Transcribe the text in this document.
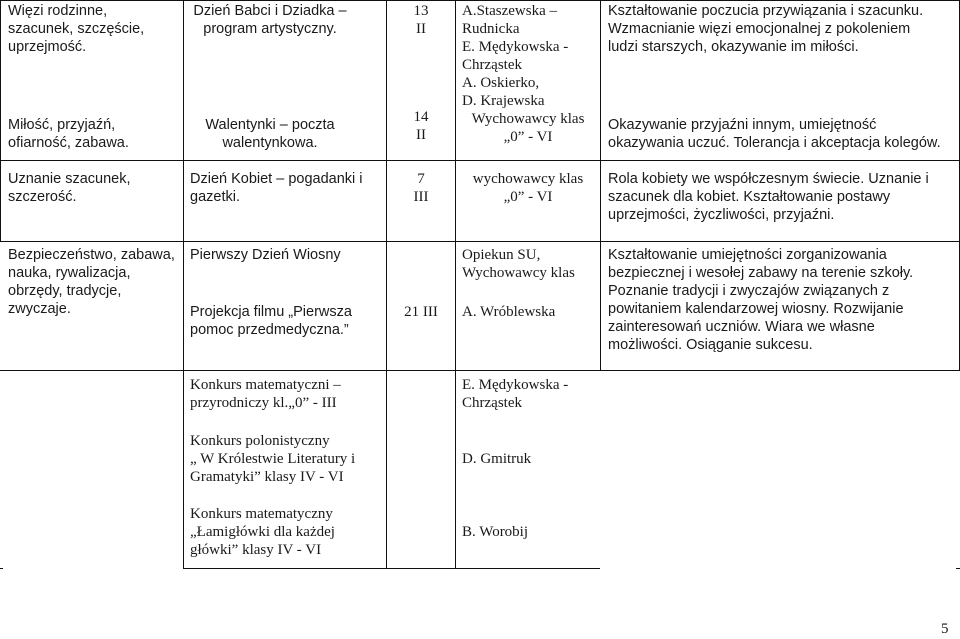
Więzi rodzinne,
szacunek, szczęście,
uprzejmość.
Dzień Babci i Dziadka –
program artystyczny.
13
II
A.Staszewska –
Rudnicka
E. Mędykowska -
Chrząstek
A. Oskierko,
D. Krajewska
Kształtowanie poczucia przywiązania i szacunku.
Wzmacnianie więzi emocjonalnej z pokoleniem
ludzi starszych, okazywanie im miłości.
Miłość, przyjaźń,
ofiarność, zabawa.
Walentynki – poczta
walentynkowa.
14
II
Wychowawcy klas
„0” - VI
Okazywanie przyjaźni innym, umiejętność
okazywania uczuć. Tolerancja i akceptacja kolegów.
Uznanie szacunek,
szczerość.
Dzień Kobiet – pogadanki i
gazetki.
7
III
wychowawcy klas
„0” - VI
Rola kobiety we współczesnym świecie. Uznanie i
szacunek dla kobiet. Kształtowanie postawy
uprzejmości, życzliwości, przyjaźni.
Bezpieczeństwo, zabawa,
nauka, rywalizacja,
obrzędy, tradycje,
zwyczaje.
Pierwszy Dzień Wiosny
Projekcja filmu „Pierwsza
pomoc przedmedyczna.”
21 III
Opiekun SU,
Wychowawcy klas
A. Wróblewska
Kształtowanie umiejętności zorganizowania
bezpiecznej i wesołej zabawy na terenie szkoły.
Poznanie tradycji i zwyczajów związanych z
powitaniem kalendarzowej wiosny. Rozwijanie
zainteresowań uczniów. Wiara we własne
możliwości. Osiąganie sukcesu.
Konkurs matematyczni –
przyrodniczy kl.„0” - III
Konkurs polonistyczny
„ W Królestwie Literatury i
Gramatyki” klasy IV - VI
Konkurs matematyczny
„Łamigłówki dla każdej
główki” klasy IV - VI
E. Mędykowska -
Chrząstek
D. Gmitruk
B. Worobij
5
